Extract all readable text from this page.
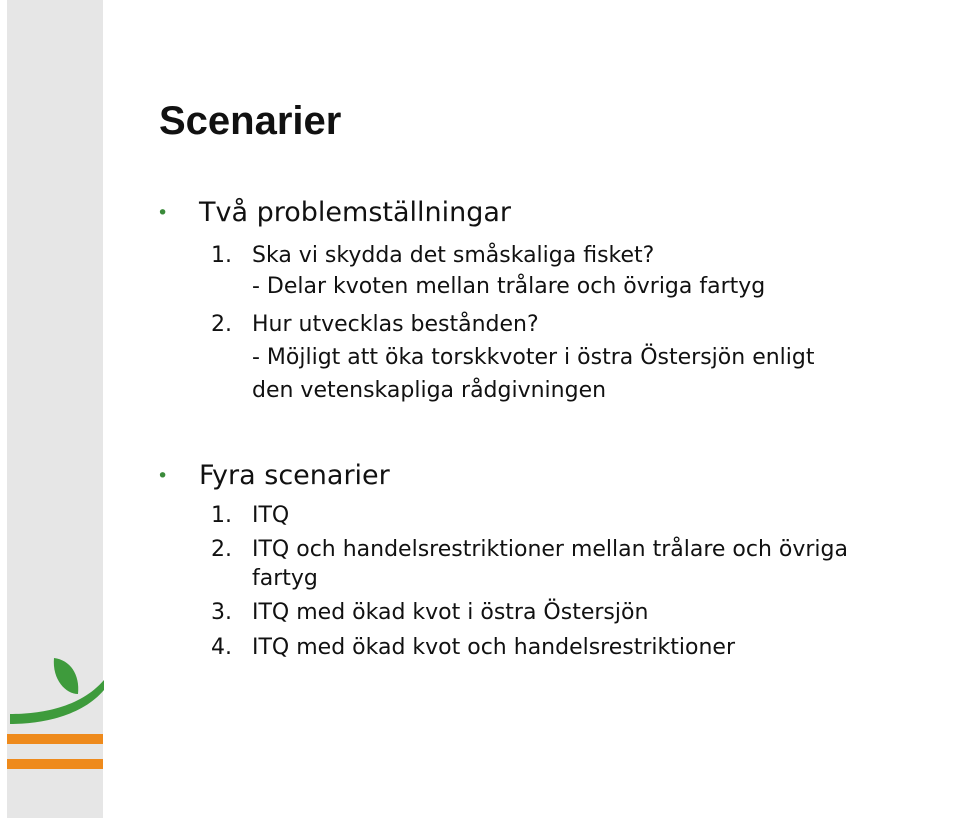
Scenarier
• Två problemställningar
1. Ska vi skydda det småskaliga fisket?
- Delar kvoten mellan trålare och övriga fartyg
2. Hur utvecklas bestånden?
- Möjligt att öka torskkvoter i östra Östersjön enligt
den vetenskapliga rådgivningen
• Fyra scenarier
1. ITQ
2. ITQ och handelsrestriktioner mellan trålare och övriga
fartyg
3. ITQ med ökad kvot i östra Östersjön
4. ITQ med ökad kvot och handelsrestriktioner
